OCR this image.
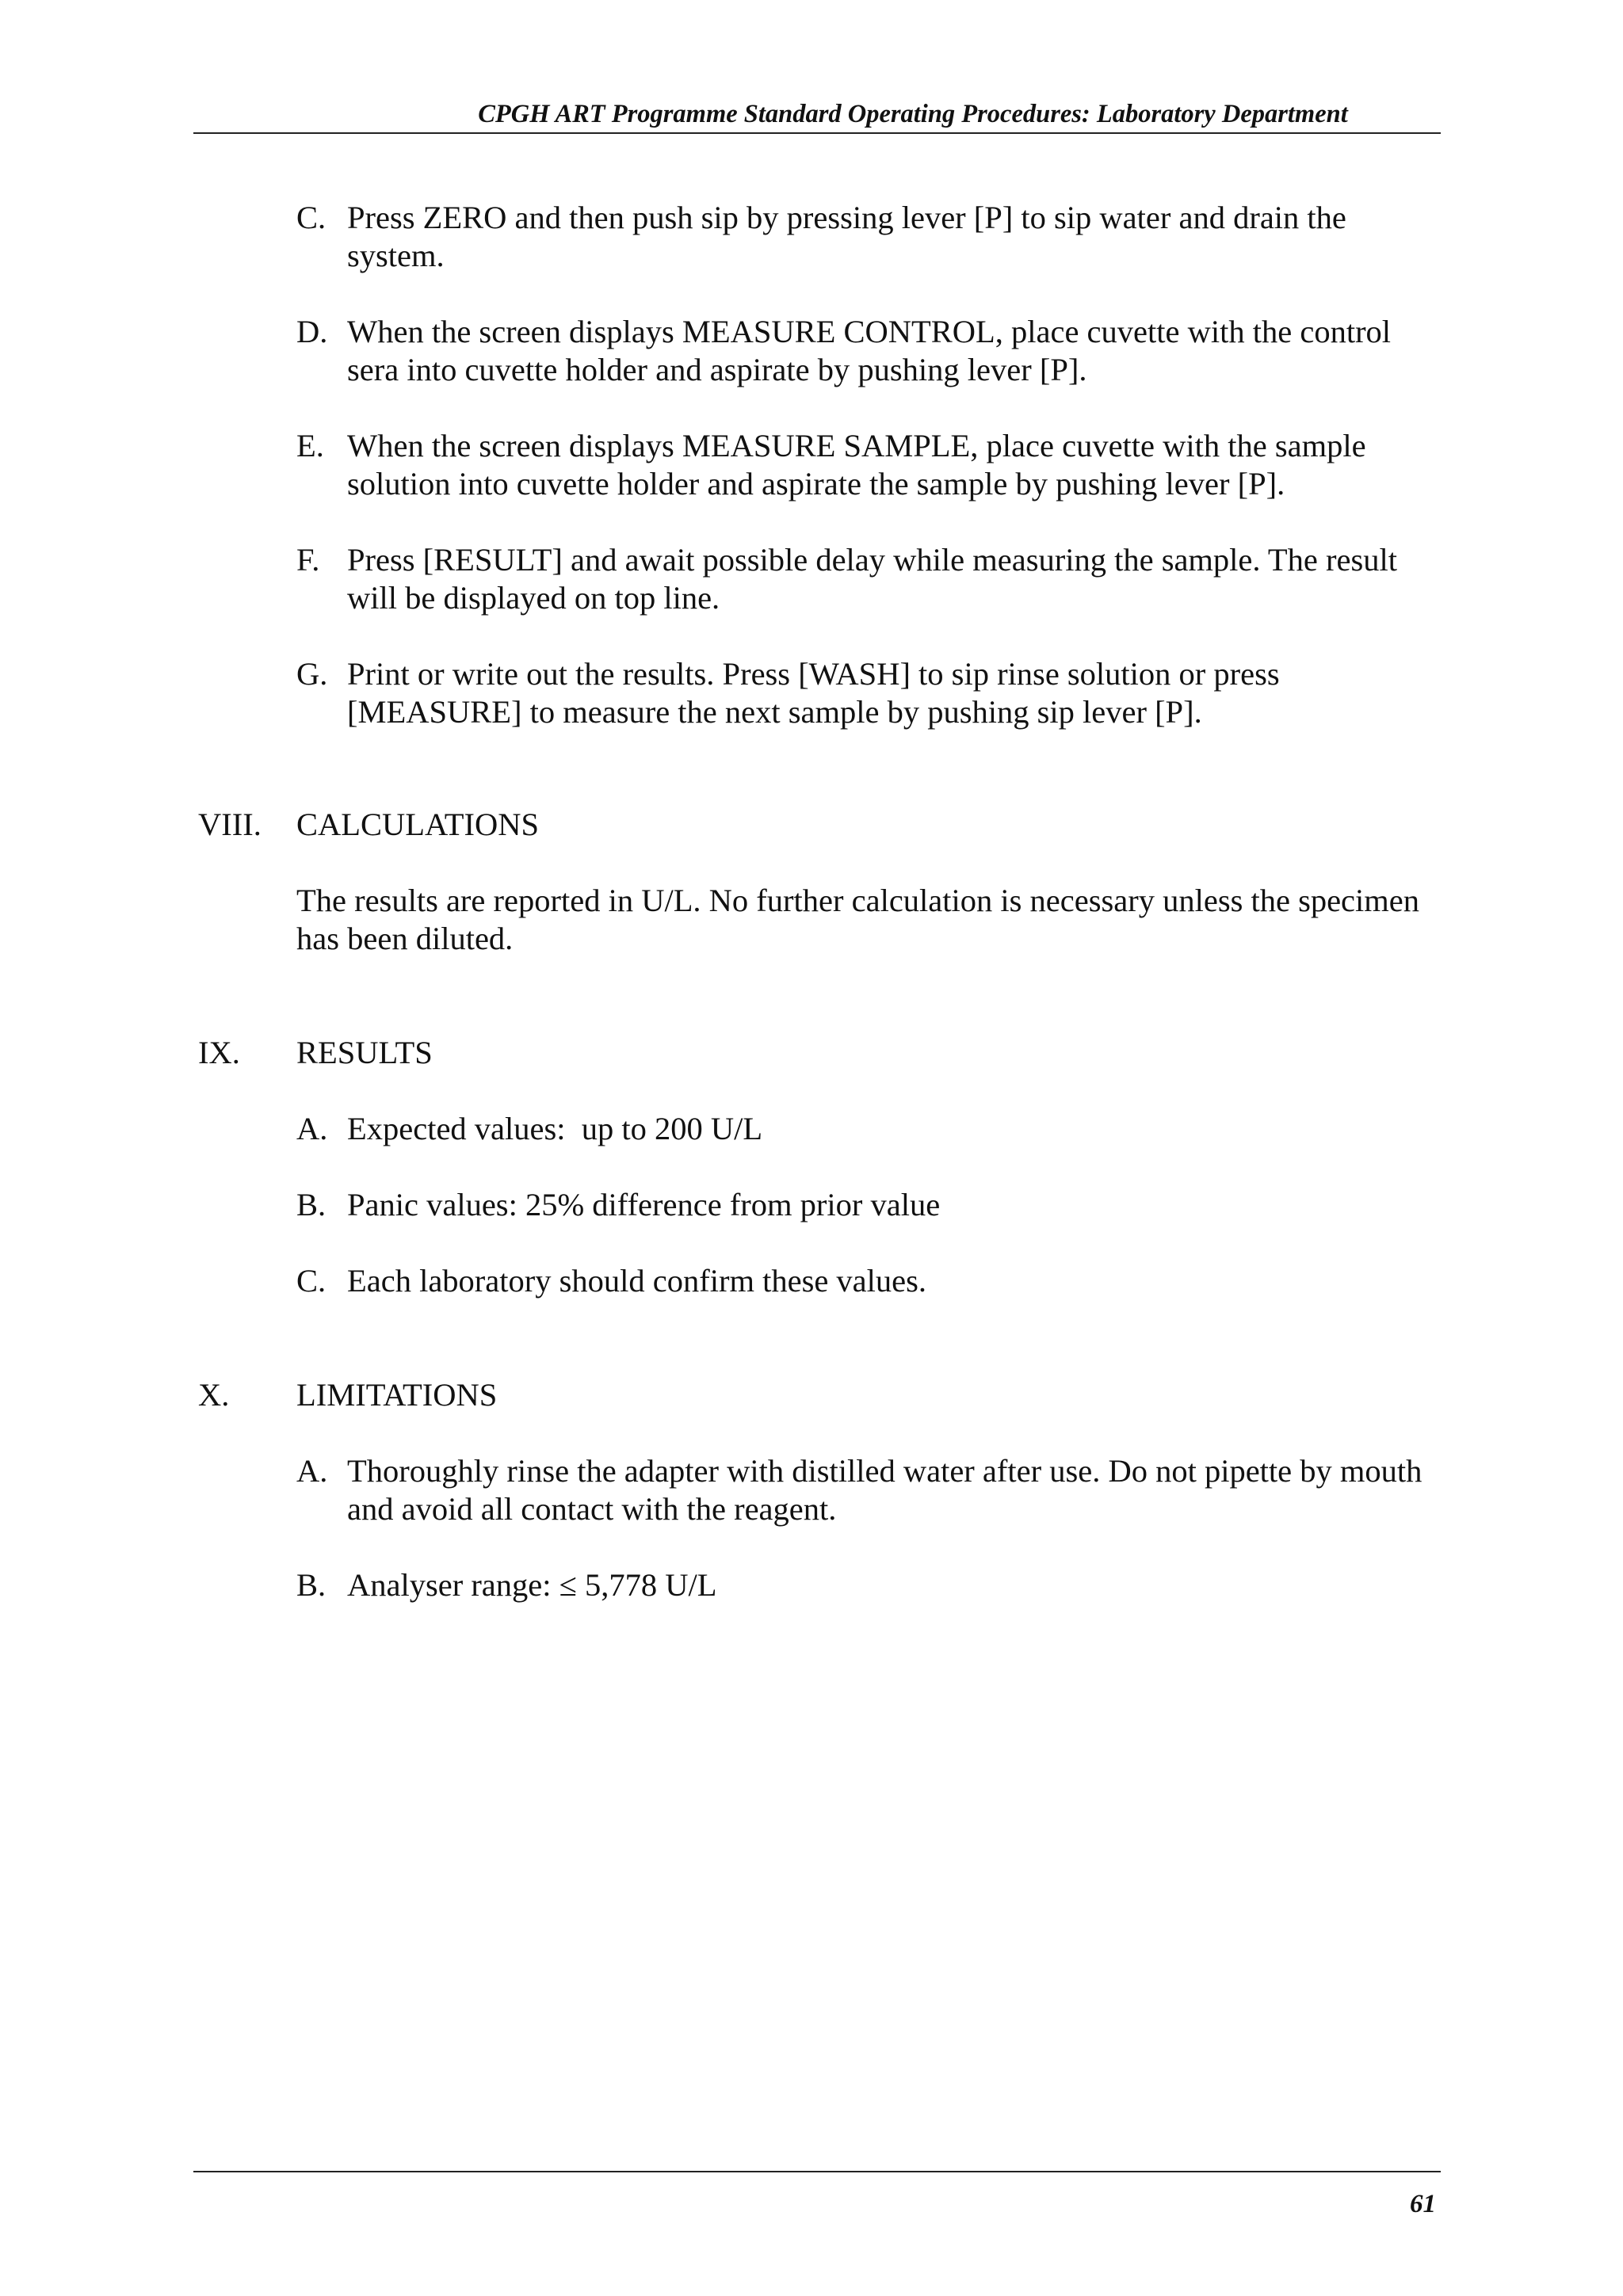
CPGH ART Programme Standard Operating Procedures: Laboratory Department
C. Press ZERO and then push sip by pressing lever [P] to sip water and drain the system.
D. When the screen displays MEASURE CONTROL, place cuvette with the control sera into cuvette holder and aspirate by pushing lever [P].
E. When the screen displays MEASURE SAMPLE, place cuvette with the sample solution into cuvette holder and aspirate the sample by pushing lever [P].
F. Press [RESULT] and await possible delay while measuring the sample. The result will be displayed on top line.
G. Print or write out the results. Press [WASH] to sip rinse solution or press [MEASURE] to measure the next sample by pushing sip lever [P].
VIII. CALCULATIONS

The results are reported in U/L. No further calculation is necessary unless the specimen has been diluted.

IX. RESULTS
A. Expected values:  up to 200 U/L
B. Panic values: 25% difference from prior value
C. Each laboratory should confirm these values.
X. LIMITATIONS
A. Thoroughly rinse the adapter with distilled water after use. Do not pipette by mouth and avoid all contact with the reagent.
B. Analyser range: ≤ 5,778 U/L
61
